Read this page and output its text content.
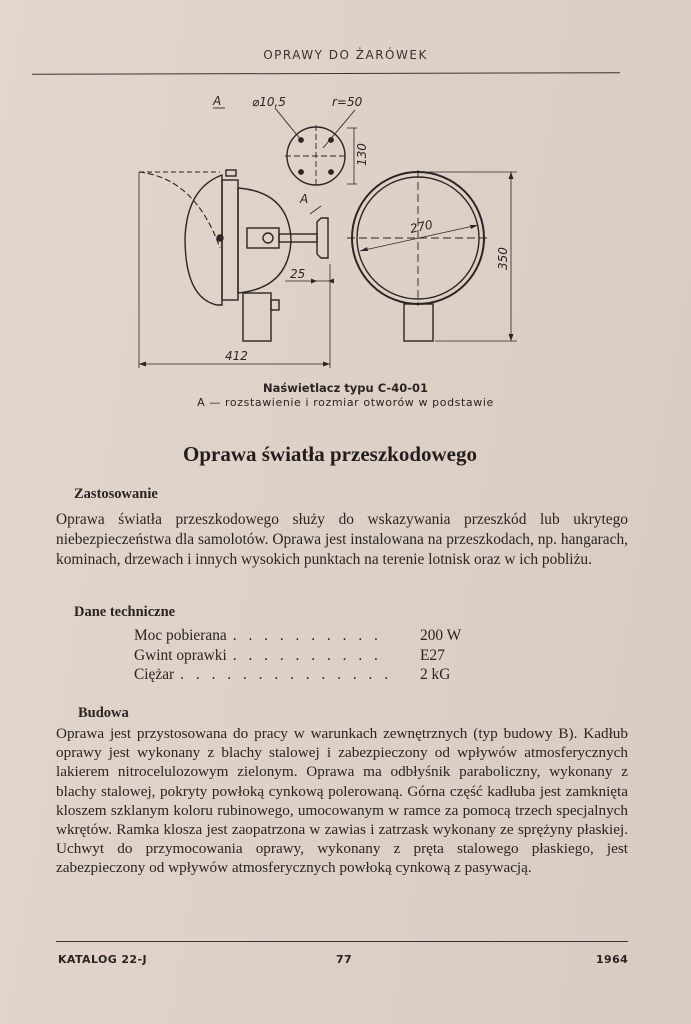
OPRAWY DO ŻARÓWEK
A	⌀10,5	r=50
130
A
25
412
270
350
Naświetlacz typu C-40-01
A — rozstawienie i rozmiar otworów w podstawie
Oprawa światła przeszkodowego
Zastosowanie

Oprawa światła przeszkodowego służy do wskazywania przeszkód lub ukrytego niebezpieczeństwa dla samolotów. Oprawa jest instalowana na przeszkodach, np. hangarach, kominach, drzewach i innych wysokich punktach na terenie lotnisk oraz w ich pobliżu.

Dane techniczne
Moc pobierana . . . . . . . . . .	200 W
Gwint oprawki . . . . . . . . . .	E27
Ciężar . . . . . . . . . . . . . .	2 kG
Budowa

Oprawa jest przystosowana do pracy w warunkach zewnętrznych (typ budowy B). Kadłub oprawy jest wykonany z blachy stalowej i zabezpieczony od wpływów atmosferycznych lakierem nitrocelulozowym zielonym. Oprawa ma odbłyśnik paraboliczny, wykonany z blachy stalowej, pokryty powłoką cynkową polerowaną. Górna część kadłuba jest zamknięta kloszem szklanym koloru rubinowego, umocowanym w ramce za pomocą trzech specjalnych wkrętów. Ramka klosza jest zaopatrzona w zawias i zatrzask wykonany ze sprężyny płaskiej. Uchwyt do przymocowania oprawy, wykonany z pręta stalowego płaskiego, jest zabezpieczony od wpływów atmosferycznych powłoką cynkową z pasywacją.

KATALOG 22-J	77	1964
